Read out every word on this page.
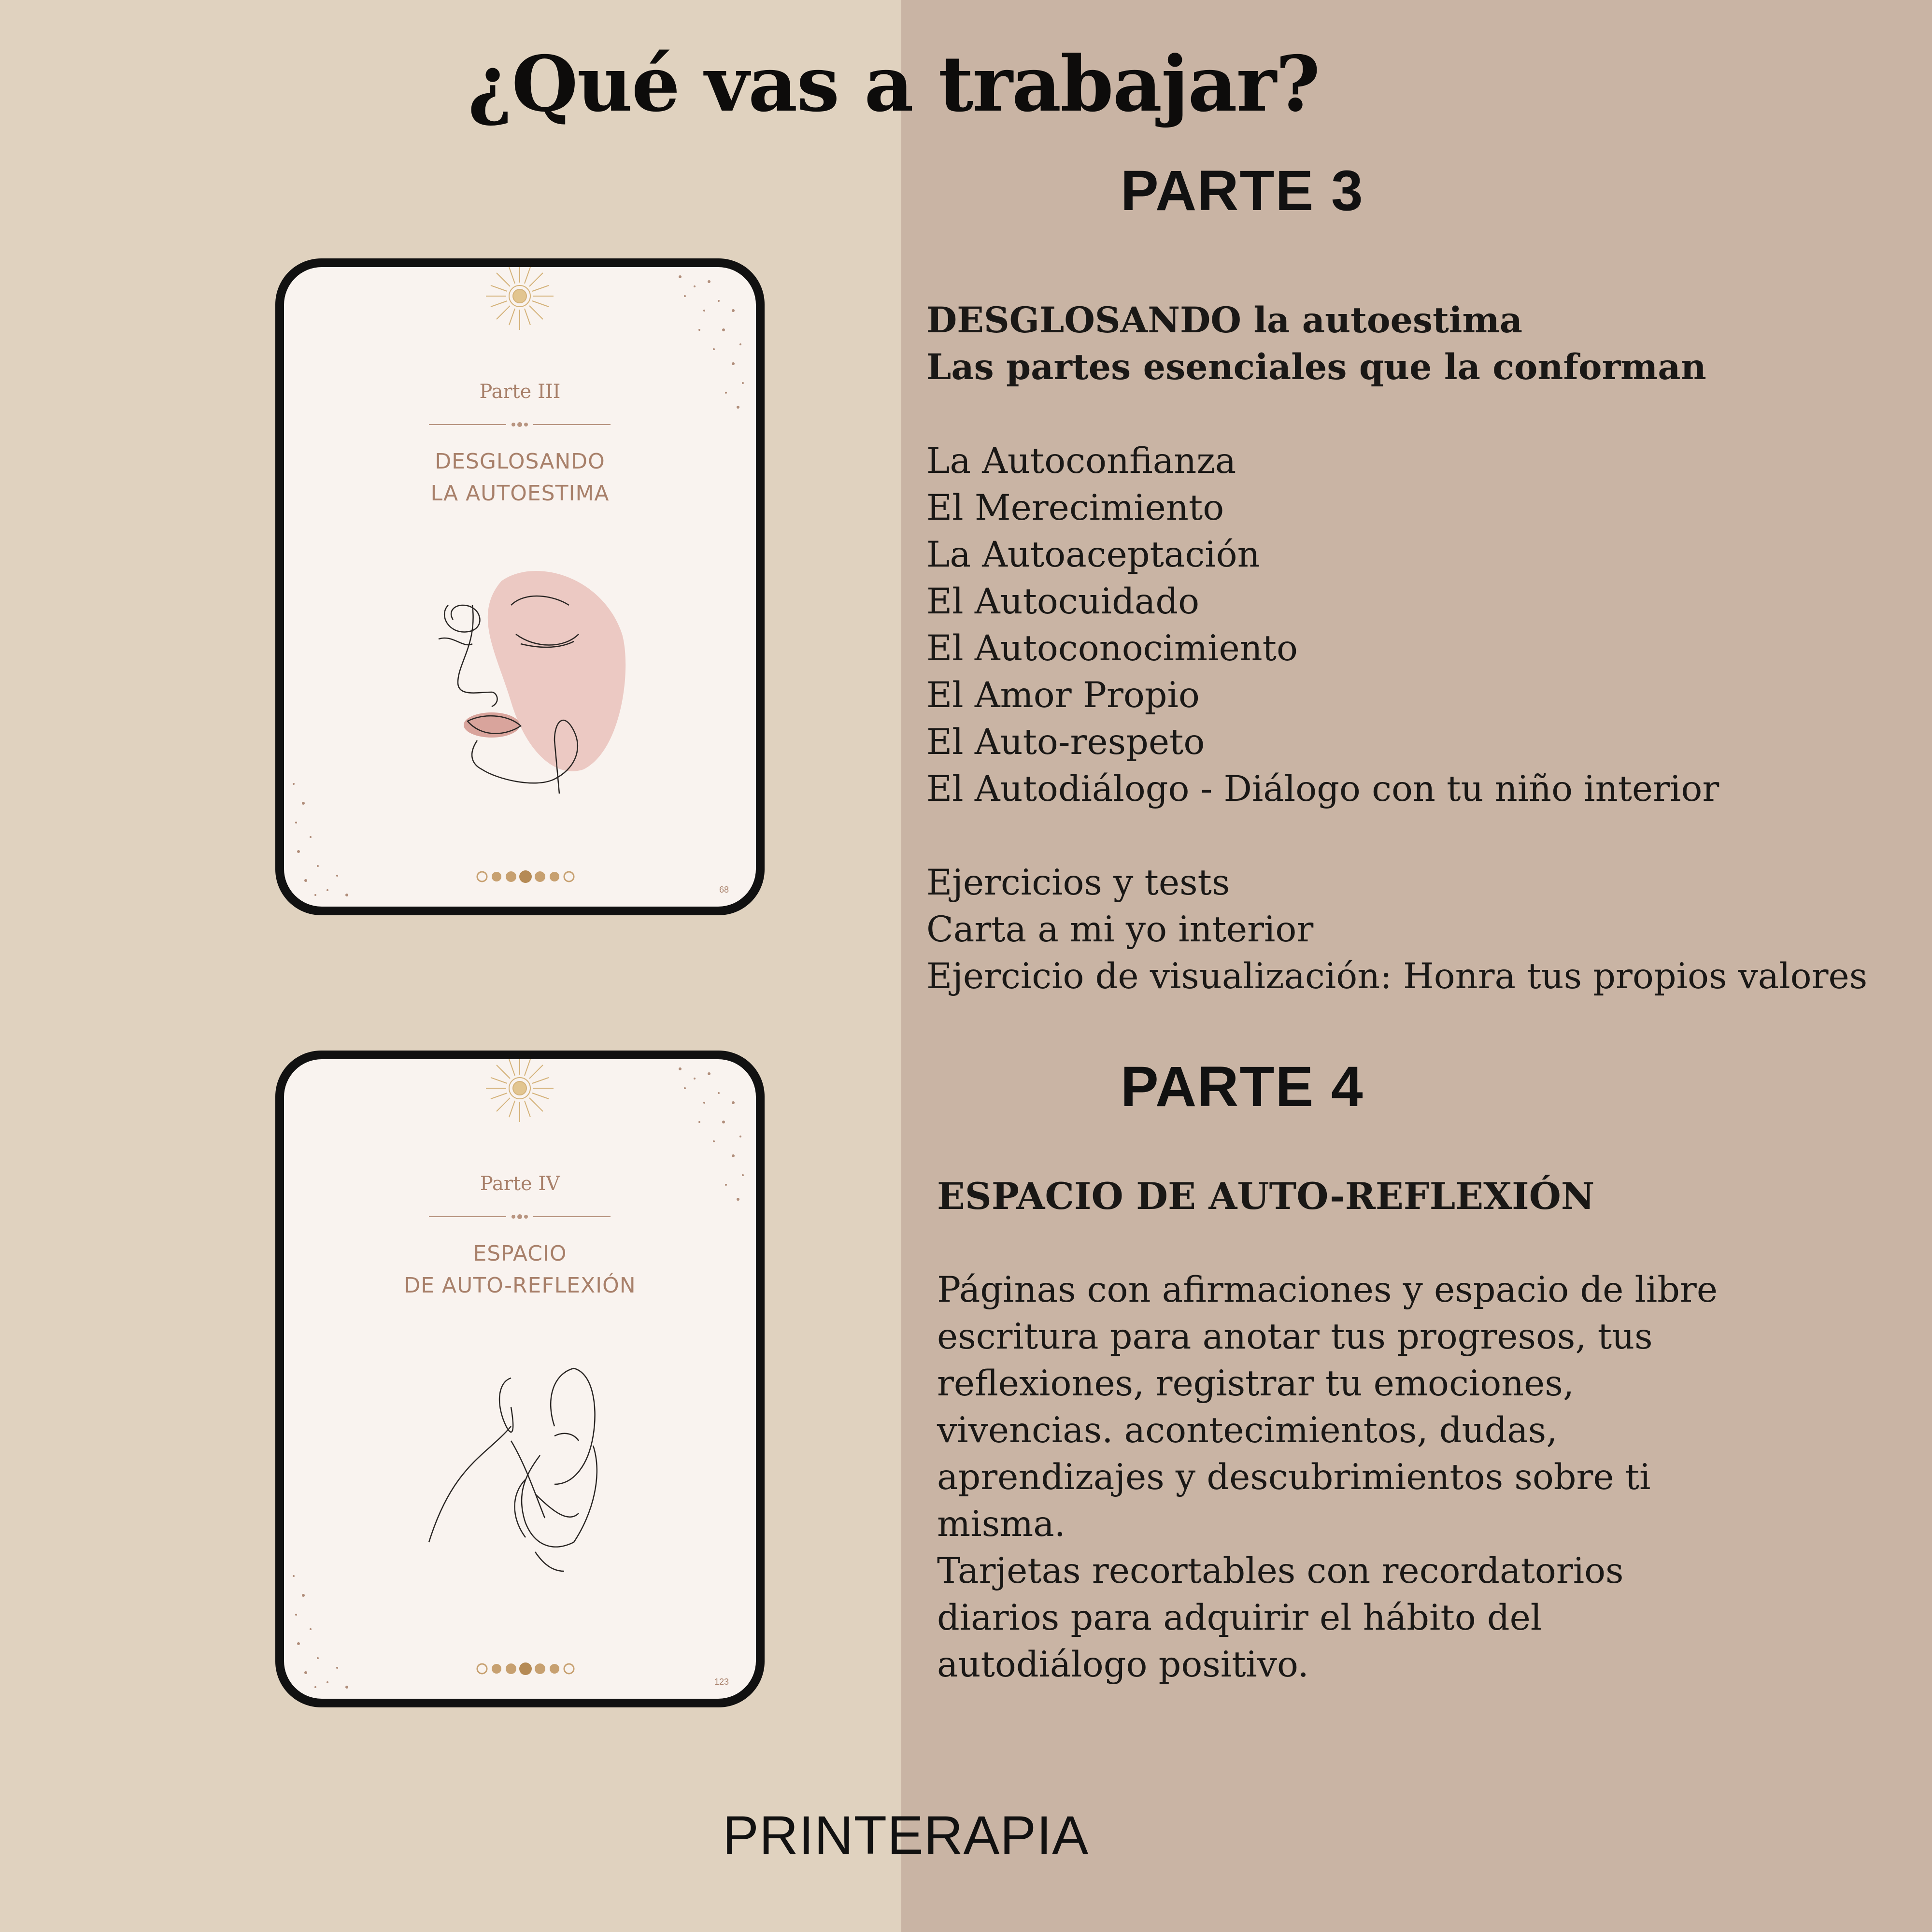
¿Qué vas a trabajar?
PARTE 3
DESGLOSANDO la autoestima
Las partes esenciales que la conforman
La Autoconfianza
El Merecimiento
La Autoaceptación
El Autocuidado
El Autoconocimiento
El Amor Propio
El Auto-respeto
El Autodiálogo - Diálogo con tu niño interior
Ejercicios y tests
Carta a mi yo interior
Ejercicio de visualización: Honra tus propios valores
Parte III
DESGLOSANDO
LA AUTOESTIMA
68
PARTE 4
ESPACIO DE AUTO-REFLEXIÓN
Páginas con afirmaciones y espacio de libre
escritura para anotar tus progresos, tus
reflexiones, registrar tu emociones,
vivencias. acontecimientos, dudas,
aprendizajes y descubrimientos sobre ti
misma.
Tarjetas recortables con recordatorios
diarios para adquirir el hábito del
autodiálogo positivo.
Parte IV
ESPACIO
DE AUTO-REFLEXIÓN
123
PRINTERAPIA
